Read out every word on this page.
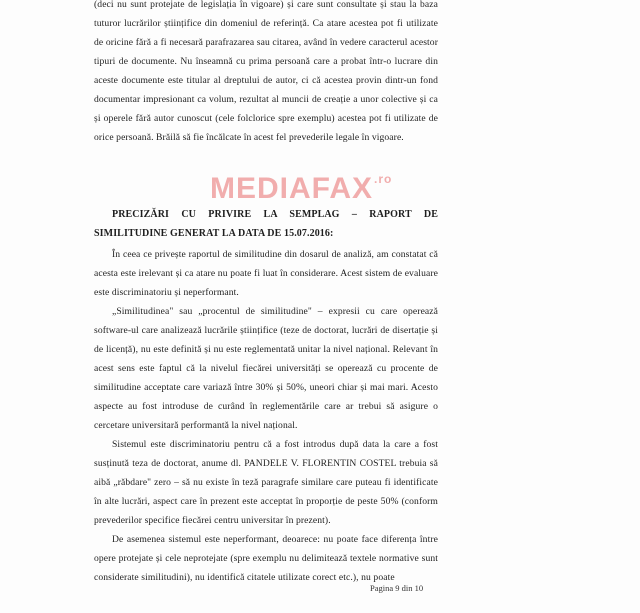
(deci nu sunt protejate de legislația în vigoare) și care sunt consultate și stau la baza tuturor lucrărilor științifice din domeniul de referință. Ca atare acestea pot fi utilizate de oricine fără a fi necesară parafrazarea sau citarea, având în vedere caracterul acestor tipuri de documente. Nu înseamnă cu prima persoană care a probat într-o lucrare din aceste documente este titular al dreptului de autor, ci că acestea provin dintr-un fond documentar impresionant ca volum, rezultat al muncii de creație a unor colective și ca și operele fără autor cunoscut (cele folclorice spre exemplu) acestea pot fi utilizate de orice persoană. Brăilă să fie încălcate în acest fel prevederile legale în vigoare.

$MEDIAFAX^{.ro}$

PRECIZĂRI CU PRIVIRE LA SEMPLAG – RAPORT DE SIMILITUDINE GENERAT LA DATA DE 15.07.2016:

În ceea ce privește raportul de similitudine din dosarul de analiză, am constatat că acesta este irelevant și ca atare nu poate fi luat în considerare. Acest sistem de evaluare este discriminatoriu și neperformant.

„Similitudinea" sau „procentul de similitudine" – expresii cu care operează software-ul care analizează lucrările științifice (teze de doctorat, lucrări de disertație și de licență), nu este definită și nu este reglementată unitar la nivel național. Relevant în acest sens este faptul că la nivelul fiecărei universități se operează cu procente de similitudine acceptate care variază între 30% și 50%, uneori chiar și mai mari. Acesto aspecte au fost introduse de curând în reglementările care ar trebui să asigure o cercetare universitară performantă la nivel național.

Sistemul este discriminatoriu pentru că a fost introdus după data la care a fost susținută teza de doctorat, anume dl. PANDELE V. FLORENTIN COSTEL trebuia să aibă „răbdare" zero – să nu existe în teză paragrafe similare care puteau fi identificate în alte lucrări, aspect care în prezent este acceptat în proporție de peste 50% (conform prevederilor specifice fiecărei centru universitar în prezent).

De asemenea sistemul este neperformant, deoarece: nu poate face diferența între opere protejate și cele neprotejate (spre exemplu nu delimitează textele normative sunt considerate similitudini), nu identifică citatele utilizate corect etc.), nu poate

Pagina 9 din 10
